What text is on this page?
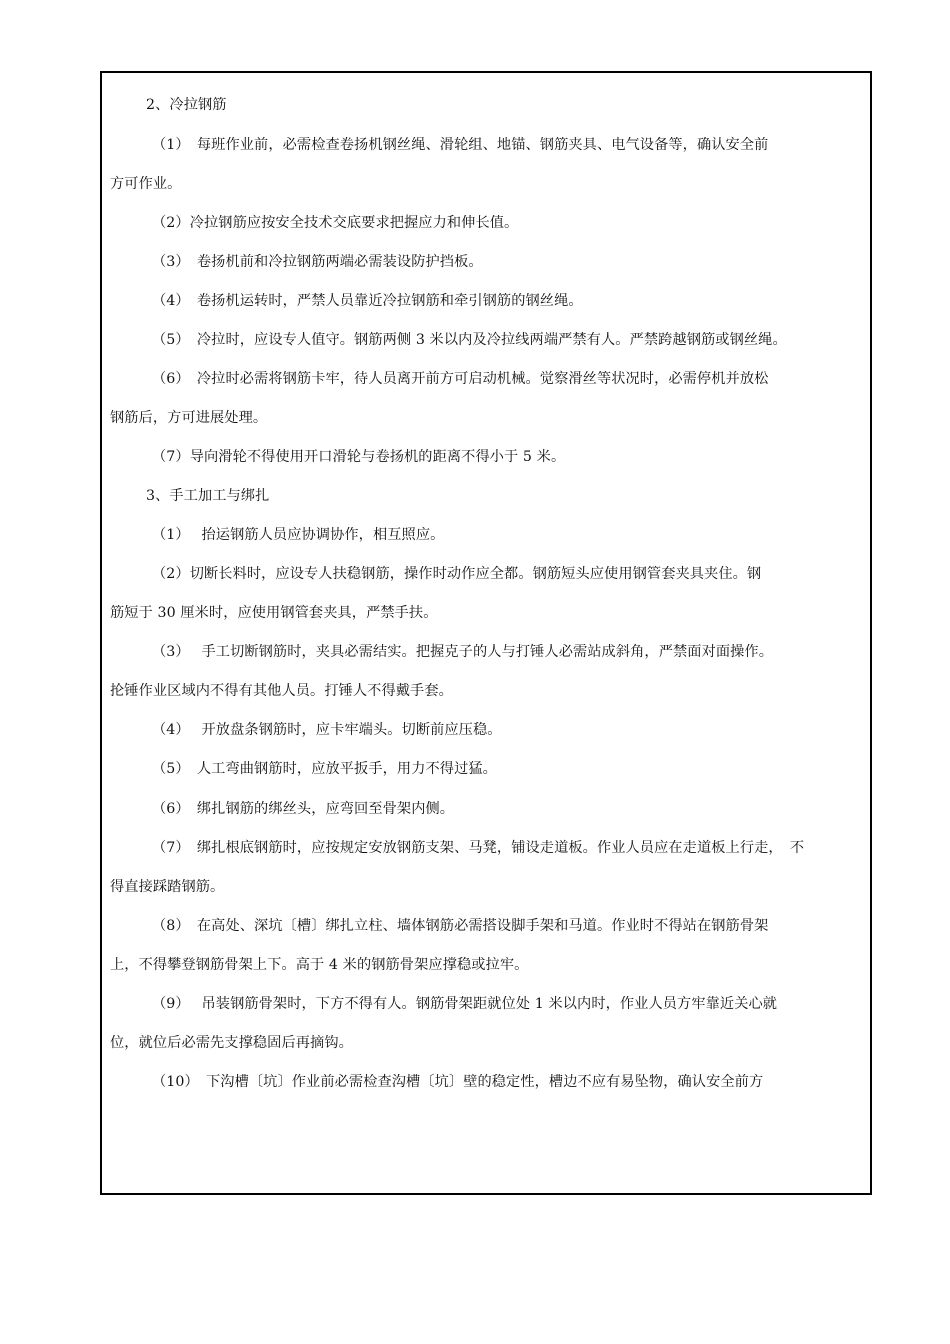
2、冷拉钢筋
（1）　每班作业前，必需检查卷扬机钢丝绳、滑轮组、地锚、钢筋夹具、电气设备等，确认安全前
方可作业。
（2）冷拉钢筋应按安全技术交底要求把握应力和伸长值。
（3）　卷扬机前和冷拉钢筋两端必需装设防护挡板。
（4）　卷扬机运转时，严禁人员靠近冷拉钢筋和牵引钢筋的钢丝绳。
（5）　冷拉时，应设专人值守。钢筋两侧 3 米以内及冷拉线两端严禁有人。严禁跨越钢筋或钢丝绳。
（6）　冷拉时必需将钢筋卡牢，待人员离开前方可启动机械。觉察滑丝等状况时，必需停机并放松
钢筋后，方可进展处理。
（7）导向滑轮不得使用开口滑轮与卷扬机的距离不得小于 5 米。
3、手工加工与绑扎
（1）　 抬运钢筋人员应协调协作，相互照应。
（2）切断长料时，应设专人扶稳钢筋，操作时动作应全都。钢筋短头应使用钢管套夹具夹住。钢
筋短于 30 厘米时，应使用钢管套夹具，严禁手扶。
（3）　 手工切断钢筋时，夹具必需结实。把握克子的人与打锤人必需站成斜角，严禁面对面操作。
抡锤作业区域内不得有其他人员。打锤人不得戴手套。
（4）　 开放盘条钢筋时，应卡牢端头。切断前应压稳。
（5）　人工弯曲钢筋时，应放平扳手，用力不得过猛。
（6）　绑扎钢筋的绑丝头，应弯回至骨架内侧。
（7）　绑扎根底钢筋时，应按规定安放钢筋支架、马凳，铺设走道板。作业人员应在走道板上行走，　不
得直接踩踏钢筋。
（8）　在高处、深坑〔槽〕绑扎立柱、墙体钢筋必需搭设脚手架和马道。作业时不得站在钢筋骨架
上，不得攀登钢筋骨架上下。高于 4 米的钢筋骨架应撑稳或拉牢。
（9）　 吊装钢筋骨架时，下方不得有人。钢筋骨架距就位处 1 米以内时，作业人员方牢靠近关心就
位，就位后必需先支撑稳固后再摘钩。
（10）　下沟槽〔坑〕作业前必需检查沟槽〔坑〕壁的稳定性，槽边不应有易坠物，确认安全前方
